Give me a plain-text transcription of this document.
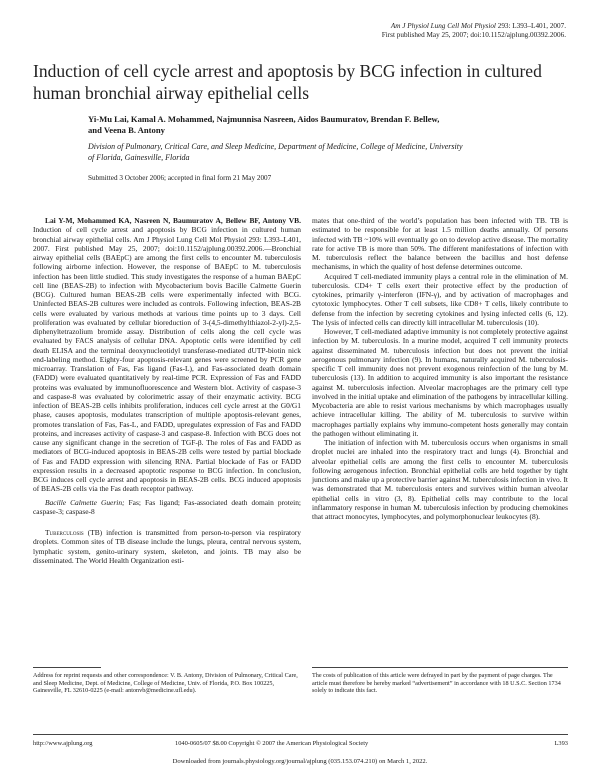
Am J Physiol Lung Cell Mol Physiol 293: L393–L401, 2007.
First published May 25, 2007; doi:10.1152/ajplung.00392.2006.
Induction of cell cycle arrest and apoptosis by BCG infection in cultured human bronchial airway epithelial cells
Yi-Mu Lai, Kamal A. Mohammed, Najmunnisa Nasreen, Aidos Baumuratov, Brendan F. Bellew,
and Veena B. Antony
Division of Pulmonary, Critical Care, and Sleep Medicine, Department of Medicine, College of Medicine, University
of Florida, Gainesville, Florida
Submitted 3 October 2006; accepted in final form 21 May 2007

Lai Y-M, Mohammed KA, Nasreen N, Baumuratov A, Bellew BF, Antony VB. Induction of cell cycle arrest and apoptosis by BCG infection in cultured human bronchial airway epithelial cells. Am J Physiol Lung Cell Mol Physiol 293: L393–L401, 2007. First published May 25, 2007; doi:10.1152/ajplung.00392.2006.—Bronchial airway epithelial cells (BAEpC) are among the first cells to encounter M. tuberculosis following airborne infection. However, the response of BAEpC to M. tuberculosis infection has been little studied. This study investigates the response of a human BAEpC cell line (BEAS-2B) to infection with Mycobacterium bovis Bacille Calmette Guerin (BCG). Cultured human BEAS-2B cells were experimentally infected with BCG. Uninfected BEAS-2B cultures were included as controls. Following infection, BEAS-2B cells were evaluated by various methods at various time points up to 3 days. Cell proliferation was evaluated by cellular bioreduction of 3-(4,5-dimethylthiazol-2-yl)-2,5-diphenyltetrazolium bromide assay. Distribution of cells along the cell cycle was evaluated by FACS analysis of cellular DNA. Apoptotic cells were identified by cell death ELISA and the terminal deoxynucleotidyl transferase-mediated dUTP-biotin nick end-labeling method. Eighty-four apoptosis-relevant genes were screened by PCR gene microarray. Translation of Fas, Fas ligand (Fas-L), and Fas-associated death domain (FADD) were evaluated quantitatively by real-time PCR. Expression of Fas and FADD proteins was evaluated by immunofluorescence and Western blot. Activity of caspase-3 and caspase-8 was evaluated by colorimetric assay of their enzymatic activity. BCG infection of BEAS-2B cells inhibits proliferation, induces cell cycle arrest at the G0/G1 phase, causes apoptosis, modulates transcription of multiple apoptosis-relevant genes, promotes translation of Fas, Fas-L, and FADD, upregulates expression of Fas and FADD proteins, and increases activity of caspase-3 and caspase-8. Infection with BCG does not cause any significant change in the secretion of TGF-β. The roles of Fas and FADD as mediators of BCG-induced apoptosis in BEAS-2B cells were tested by partial blockade of Fas and FADD expression with silencing RNA. Partial blockade of Fas or FADD expression results in a decreased apoptotic response to BCG infection. In conclusion, BCG induces cell cycle arrest and apoptosis in BEAS-2B cells. BCG induced apoptosis of BEAS-2B cells via the Fas death receptor pathway.

Bacille Calmette Guerin; Fas; Fas ligand; Fas-associated death domain protein; caspase-3; caspase-8

Tuberculosis (TB) infection is transmitted from person-to-person via respiratory droplets. Common sites of TB disease include the lungs, pleura, central nervous system, lymphatic system, genito-urinary system, skeleton, and joints. TB may also be disseminated. The World Health Organization esti-

mates that one-third of the world’s population has been infected with TB. TB is estimated to be responsible for at least 1.5 million deaths annually. Of persons infected with TB ~10% will eventually go on to develop active disease. The mortality rate for active TB is more than 50%. The different manifestations of infection with M. tuberculosis reflect the balance between the bacillus and host defense mechanisms, in which the quality of host defense determines outcome.

Acquired T cell-mediated immunity plays a central role in the elimination of M. tuberculosis. CD4+ T cells exert their protective effect by the production of cytokines, primarily γ-interferon (IFN-γ), and by activation of macrophages and cytotoxic lymphocytes. Other T cell subsets, like CD8+ T cells, likely contribute to defense from the infection by secreting cytokines and lysing infected cells (6, 12). The lysis of infected cells can directly kill intracellular M. tuberculosis (10).

However, T cell-mediated adaptive immunity is not completely protective against infection by M. tuberculosis. In a murine model, acquired T cell immunity protects against disseminated M. tuberculosis infection but does not prevent the initial aerogenous pulmonary infection (9). In humans, naturally acquired M. tuberculosis-specific T cell immunity does not prevent exogenous reinfection of the lung by M. tuberculosis (13). In addition to acquired immunity is also important the resistance against M. tuberculosis infection. Alveolar macrophages are the primary cell type involved in the initial uptake and elimination of the pathogens by intracellular killing. Mycobacteria are able to resist various mechanisms by which macrophages usually achieve intracellular killing. The ability of M. tuberculosis to survive within macrophages partially explains why immuno-competent hosts generally may contain the pathogen without eliminating it.

The initiation of infection with M. tuberculosis occurs when organisms in small droplet nuclei are inhaled into the respiratory tract and lungs (4). Bronchial and alveolar epithelial cells are among the first cells to encounter M. tuberculosis following aerogenous infection. Bronchial epithelial cells are held together by tight junctions and make up a protective barrier against M. tuberculosis infection in vivo. It was demonstrated that M. tuberculosis enters and survives within human alveolar epithelial cells in vitro (3, 8). Epithelial cells may contribute to the local inflammatory response in human M. tuberculosis infection by producing chemokines that attract monocytes, lymphocytes, and polymorphonuclear leukocytes (8).

Address for reprint requests and other correspondence: V. B. Antony, Division of Pulmonary, Critical Care, and Sleep Medicine, Dept. of Medicine, College of Medicine, Univ. of Florida, P.O. Box 100225, Gainesville, FL 32610-0225 (e-mail: antonvb@medicine.ufl.edu).
The costs of publication of this article were defrayed in part by the payment of page charges. The article must therefore be hereby marked “advertisement” in accordance with 18 U.S.C. Section 1734 solely to indicate this fact.
http://www.ajplung.org	1040-0605/07 $8.00 Copyright © 2007 the American Physiological Society	L393
Downloaded from journals.physiology.org/journal/ajplung (035.153.074.210) on March 1, 2022.
